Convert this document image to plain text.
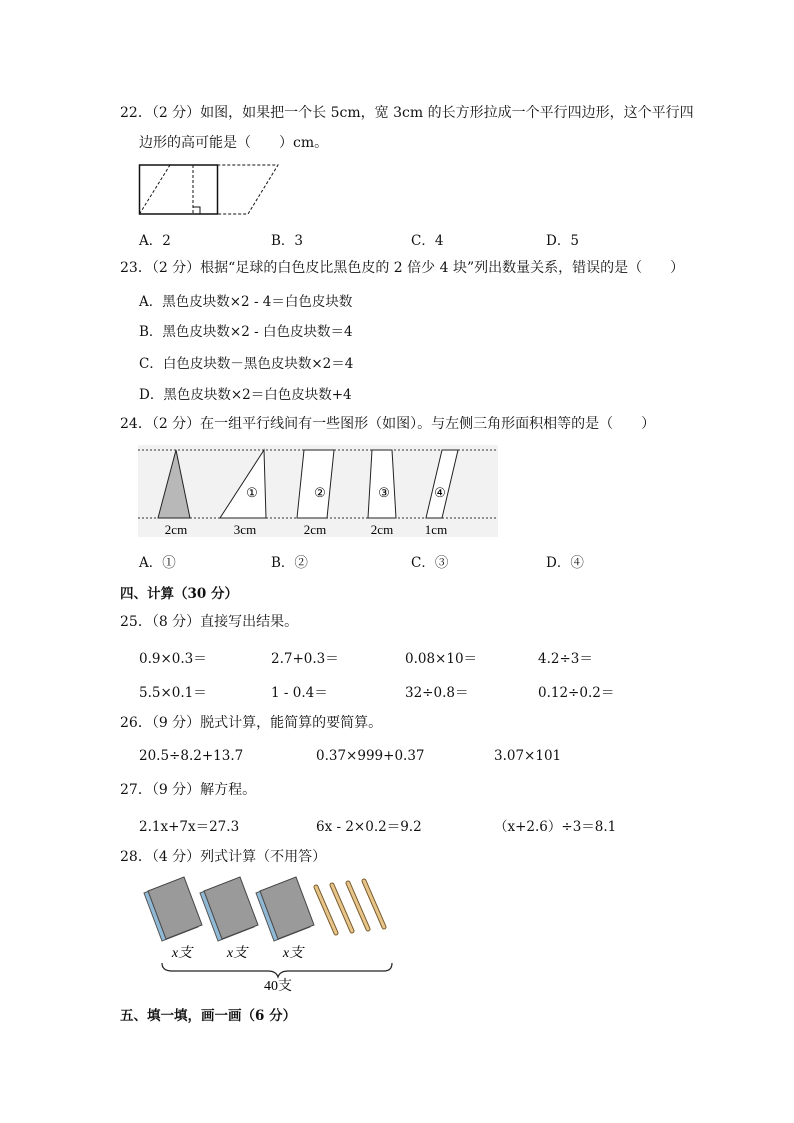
22．（2 分）如图，如果把一个长 5cm，宽 3cm 的长方形拉成一个平行四边形，这个平行四
边形的高可能是（　　）cm。
A．2	B．3	C．4	D．5
23．（2 分）根据“足球的白色皮比黑色皮的 2 倍少 4 块”列出数量关系，错误的是（　　）
A．黑色皮块数×2 - 4＝白色皮块数
B．黑色皮块数×2 - 白色皮块数＝4
C．白色皮块数－黑色皮块数×2＝4
D．黑色皮块数×2＝白色皮块数+4
24．（2 分）在一组平行线间有一些图形（如图）。与左侧三角形面积相等的是（　　）
①	②	③	④
2cm	3cm	2cm	2cm 1cm
A．①	B．②	C．③	D．④
四、计算（30 分）
25．（8 分）直接写出结果。
0.9×0.3＝	2.7+0.3＝	0.08×10＝	4.2÷3＝
5.5×0.1＝	1 - 0.4＝	32÷0.8＝	0.12÷0.2＝
26．（9 分）脱式计算，能简算的要简算。
20.5÷8.2+13.7	0.37×999+0.37	3.07×101
27．（9 分）解方程。
2.1x+7x＝27.3	6x - 2×0.2＝9.2	（x+2.6）÷3＝8.1
28．（4 分）列式计算（不用答）
x支 x支	x支
40支
五、填一填，画一画（6 分）
